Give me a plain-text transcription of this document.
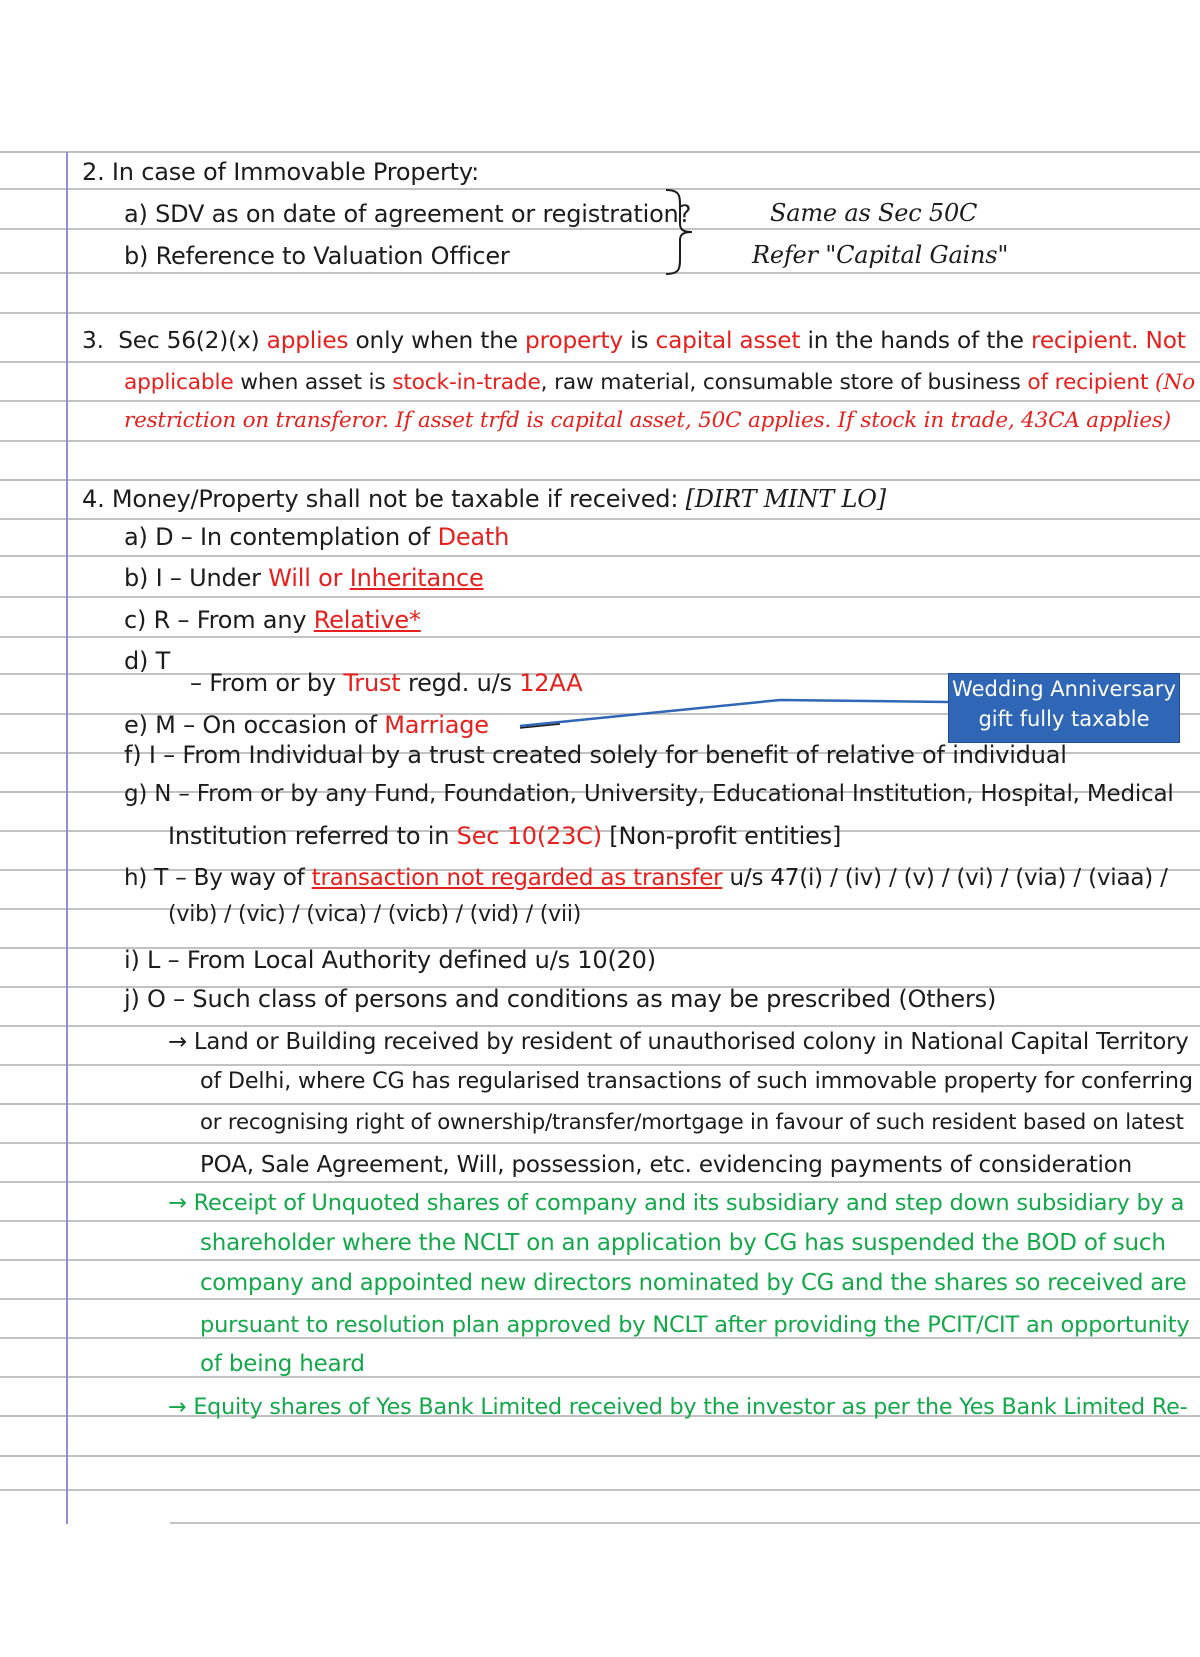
2. In case of Immovable Property:
a) SDV as on date of agreement or registration?
b) Reference to Valuation Officer
Same as Sec 50C
Refer "Capital Gains"
3. Sec 56(2)(x) applies only when the property is capital asset in the hands of the recipient. Not
applicable when asset is stock-in-trade, raw material, consumable store of business of recipient (No
restriction on transferor. If asset trfd is capital asset, 50C applies. If stock in trade, 43CA applies)
4. Money/Property shall not be taxable if received: [DIRT MINT LO]
a) D – In contemplation of Death
b) I – Under Will or Inheritance
c) R – From any Relative*
d) T
– From or by Trust regd. u/s 12AA
e) M – On occasion of Marriage
Wedding Anniversary
gift fully taxable
f) I – From Individual by a trust created solely for benefit of relative of individual
g) N – From or by any Fund, Foundation, University, Educational Institution, Hospital, Medical
Institution referred to in Sec 10(23C) [Non-profit entities]
h) T – By way of transaction not regarded as transfer u/s 47(i) / (iv) / (v) / (vi) / (via) / (viaa) /
(vib) / (vic) / (vica) / (vicb) / (vid) / (vii)
i) L – From Local Authority defined u/s 10(20)
j) O – Such class of persons and conditions as may be prescribed (Others)
→ Land or Building received by resident of unauthorised colony in National Capital Territory
of Delhi, where CG has regularised transactions of such immovable property for conferring
or recognising right of ownership/transfer/mortgage in favour of such resident based on latest
POA, Sale Agreement, Will, possession, etc. evidencing payments of consideration
→ Receipt of Unquoted shares of company and its subsidiary and step down subsidiary by a
shareholder where the NCLT on an application by CG has suspended the BOD of such
company and appointed new directors nominated by CG and the shares so received are
pursuant to resolution plan approved by NCLT after providing the PCIT/CIT an opportunity
of being heard
→ Equity shares of Yes Bank Limited received by the investor as per the Yes Bank Limited Re-
